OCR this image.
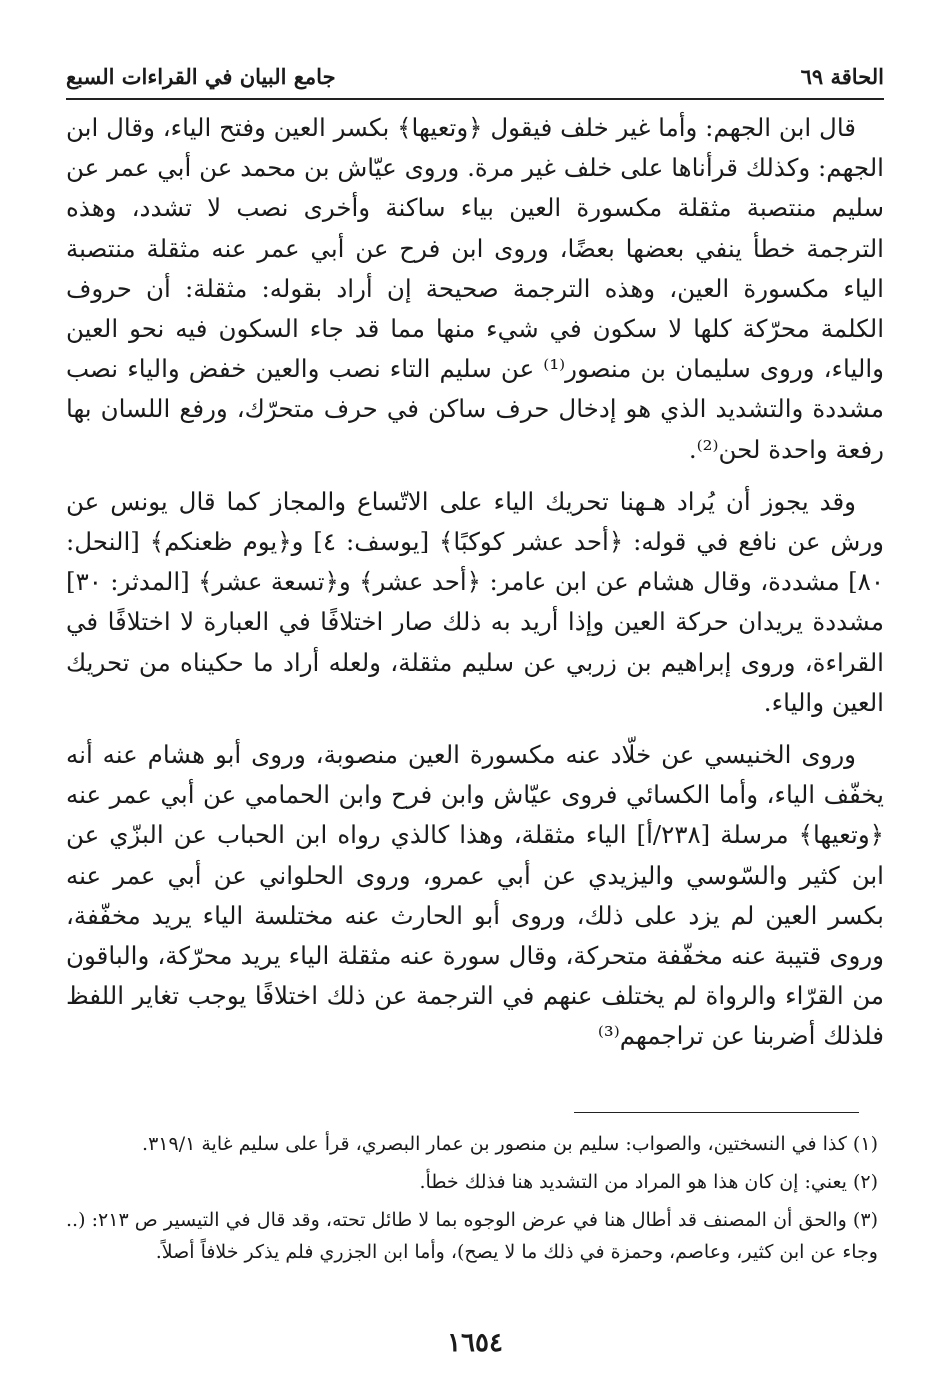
الحاقة ٦٩
جامع البيان في القراءات السبع

قال ابن الجهم: وأما غير خلف فيقول ﴿وتعيها﴾ بكسر العين وفتح الياء، وقال ابن الجهم: وكذلك قرأناها على خلف غير مرة. وروى عيّاش بن محمد عن أبي عمر عن سليم منتصبة مثقلة مكسورة العين بياء ساكنة وأخرى نصب لا تشدد، وهذه الترجمة خطأ ينفي بعضها بعضًا، وروى ابن فرح عن أبي عمر عنه مثقلة منتصبة الياء مكسورة العين، وهذه الترجمة صحيحة إن أراد بقوله: مثقلة: أن حروف الكلمة محرّكة كلها لا سكون في شيء منها مما قد جاء السكون فيه نحو العين والياء، وروى سليمان بن منصور⁽¹⁾ عن سليم التاء نصب والعين خفض والياء نصب مشددة والتشديد الذي هو إدخال حرف ساكن في حرف متحرّك، ورفع اللسان بها رفعة واحدة لحن⁽²⁾.

وقد يجوز أن يُراد هـهنا تحريك الياء على الاتّساع والمجاز كما قال يونس عن ورش عن نافع في قوله: ﴿أحد عشر كوكبًا﴾ [يوسف: ٤] و﴿يوم ظعنكم﴾ [النحل: ٨٠] مشددة، وقال هشام عن ابن عامر: ﴿أحد عشر﴾ و﴿تسعة عشر﴾ [المدثر: ٣٠] مشددة يريدان حركة العين وإذا أريد به ذلك صار اختلافًا في العبارة لا اختلافًا في القراءة، وروى إبراهيم بن زربي عن سليم مثقلة، ولعله أراد ما حكيناه من تحريك العين والياء.

وروى الخنيسي عن خلّاد عنه مكسورة العين منصوبة، وروى أبو هشام عنه أنه يخفّف الياء، وأما الكسائي فروى عيّاش وابن فرح وابن الحمامي عن أبي عمر عنه ﴿وتعيها﴾ مرسلة [٢٣٨/أ] الياء مثقلة، وهذا كالذي رواه ابن الحباب عن البزّي عن ابن كثير والسّوسي واليزيدي عن أبي عمرو، وروى الحلواني عن أبي عمر عنه بكسر العين لم يزد على ذلك، وروى أبو الحارث عنه مختلسة الياء يريد مخفّفة، وروى قتيبة عنه مخفّفة متحركة، وقال سورة عنه مثقلة الياء يريد محرّكة، والباقون من القرّاء والرواة لم يختلف عنهم في الترجمة عن ذلك اختلافًا يوجب تغاير اللفظ فلذلك أضربنا عن تراجمهم⁽³⁾

(١) كذا في النسختين، والصواب: سليم بن منصور بن عمار البصري، قرأ على سليم غاية ٣١٩/١.

(٢) يعني: إن كان هذا هو المراد من التشديد هنا فذلك خطأ.

(٣) والحق أن المصنف قد أطال هنا في عرض الوجوه بما لا طائل تحته، وقد قال في التيسير ص ٢١٣: (.. وجاء عن ابن كثير، وعاصم، وحمزة في ذلك ما لا يصح)، وأما ابن الجزري فلم يذكر خلافاً أصلاً.

١٦٥٤
